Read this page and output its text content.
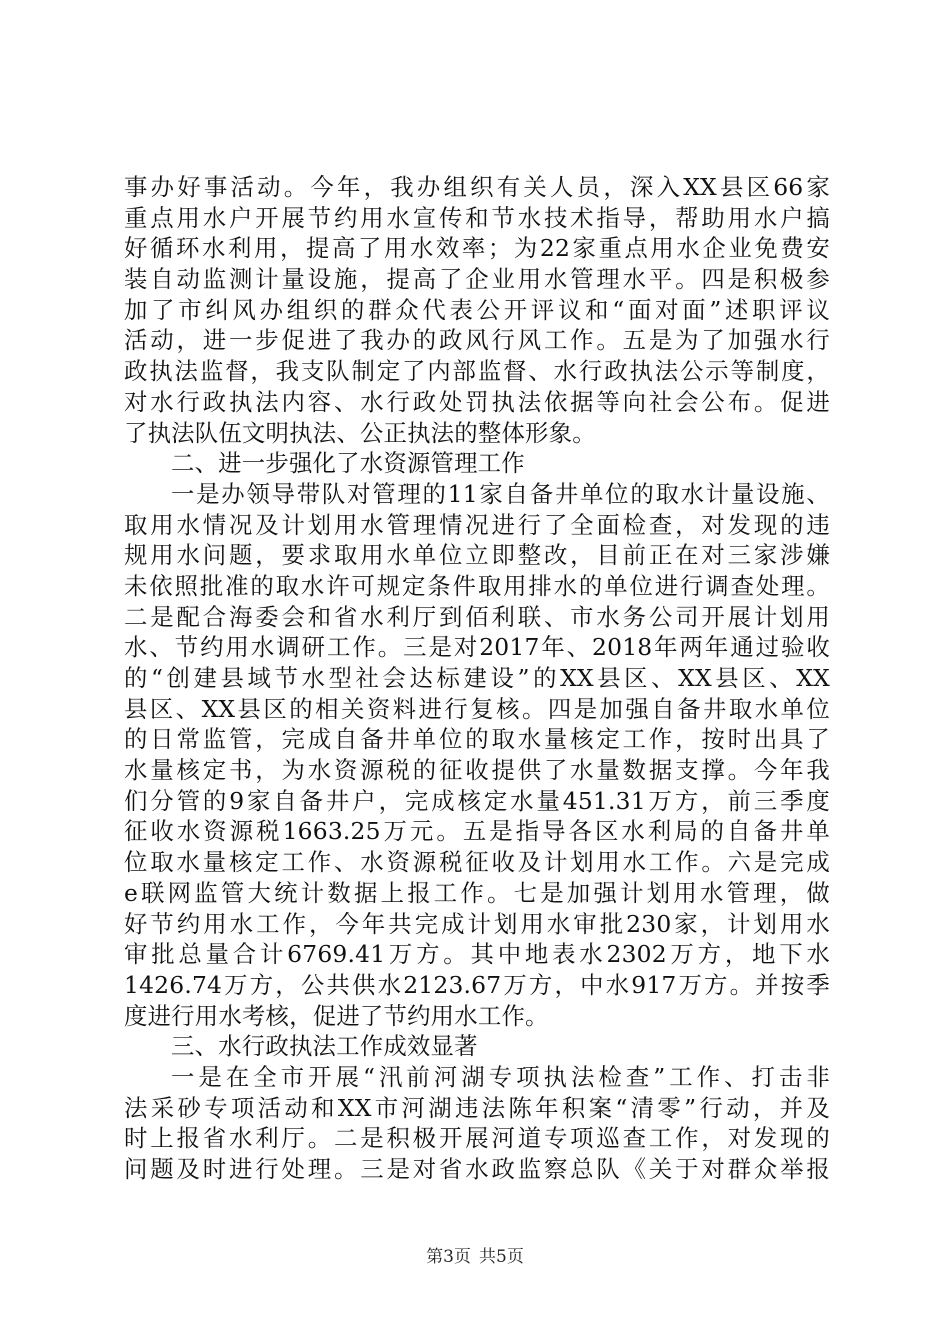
事办好事活动。今年，我办组织有关人员，深入XX县区66家
重点用水户开展节约用水宣传和节水技术指导，帮助用水户搞
好循环水利用，提高了用水效率；为22家重点用水企业免费安
装自动监测计量设施，提高了企业用水管理水平。四是积极参
加了市纠风办组织的群众代表公开评议和“面对面”述职评议
活动，进一步促进了我办的政风行风工作。五是为了加强水行
政执法监督，我支队制定了内部监督、水行政执法公示等制度，
对水行政执法内容、水行政处罚执法依据等向社会公布。促进
了执法队伍文明执法、公正执法的整体形象。
二、进一步强化了水资源管理工作
一是办领导带队对管理的11家自备井单位的取水计量设施、
取用水情况及计划用水管理情况进行了全面检查，对发现的违
规用水问题，要求取用水单位立即整改，目前正在对三家涉嫌
未依照批准的取水许可规定条件取用排水的单位进行调查处理。
二是配合海委会和省水利厅到佰利联、市水务公司开展计划用
水、节约用水调研工作。三是对2017年、2018年两年通过验收
的“创建县域节水型社会达标建设”的XX县区、XX县区、XX
县区、XX县区的相关资料进行复核。四是加强自备井取水单位
的日常监管，完成自备井单位的取水量核定工作，按时出具了
水量核定书，为水资源税的征收提供了水量数据支撑。今年我
们分管的9家自备井户，完成核定水量451.31万方，前三季度
征收水资源税1663.25万元。五是指导各区水利局的自备井单
位取水量核定工作、水资源税征收及计划用水工作。六是完成
e联网监管大统计数据上报工作。七是加强计划用水管理，做
好节约用水工作，今年共完成计划用水审批230家，计划用水
审批总量合计6769.41万方。其中地表水2302万方，地下水
1426.74万方，公共供水2123.67万方，中水917万方。并按季
度进行用水考核，促进了节约用水工作。
三、水行政执法工作成效显著
一是在全市开展“汛前河湖专项执法检查”工作、打击非
法采砂专项活动和XX市河湖违法陈年积案“清零”行动，并及
时上报省水利厅。二是积极开展河道专项巡查工作，对发现的
问题及时进行处理。三是对省水政监察总队《关于对群众举报
第3页 共5页
